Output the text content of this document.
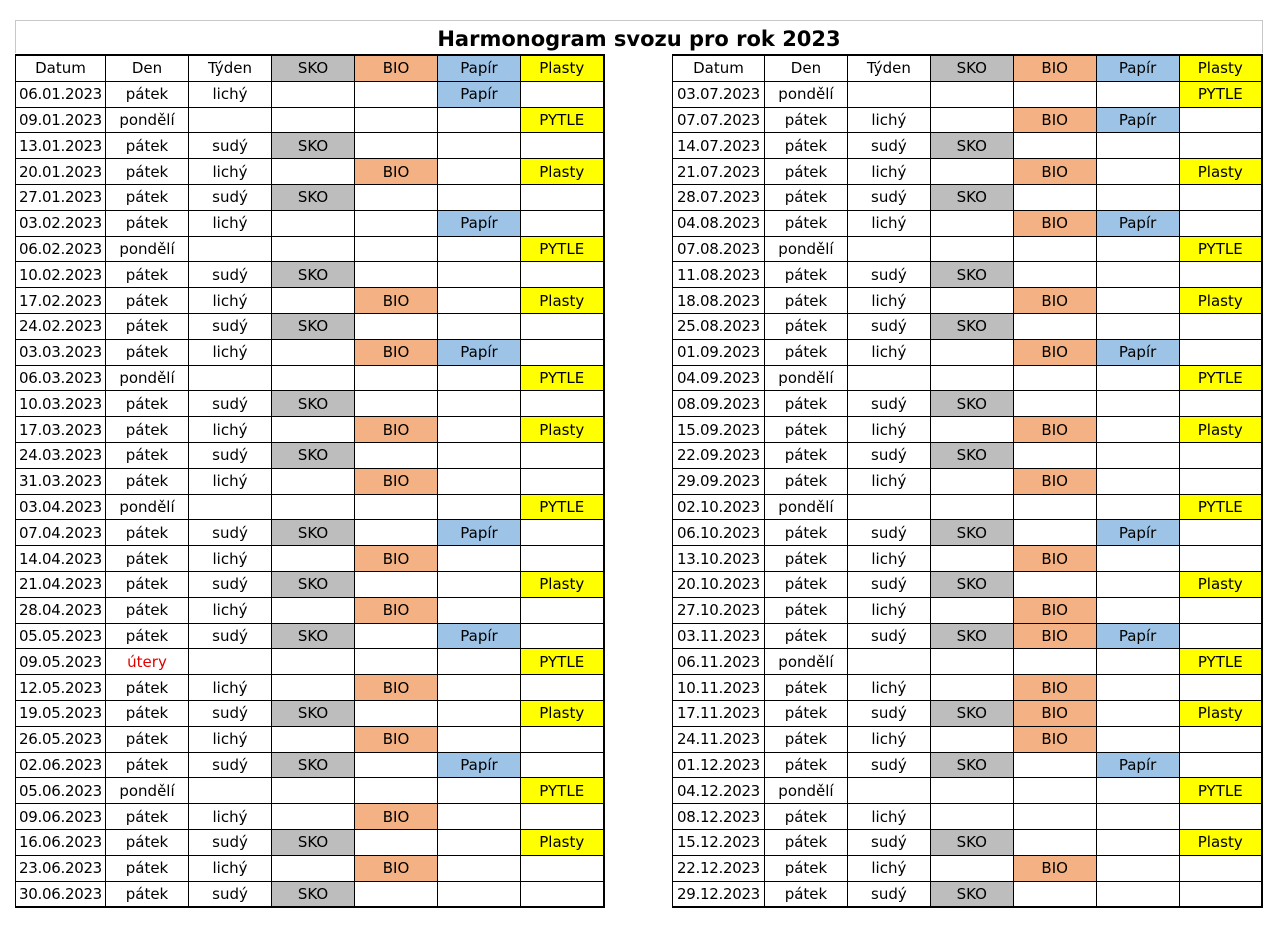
Harmonogram svozu pro rok 2023
Datum	Den	Týden	SKO	BIO	Papír	Plasty
06.01.2023	pátek	lichý			Papír	
09.01.2023	pondělí					PYTLE
13.01.2023	pátek	sudý	SKO			
20.01.2023	pátek	lichý		BIO		Plasty
27.01.2023	pátek	sudý	SKO			
03.02.2023	pátek	lichý			Papír	
06.02.2023	pondělí					PYTLE
10.02.2023	pátek	sudý	SKO			
17.02.2023	pátek	lichý		BIO		Plasty
24.02.2023	pátek	sudý	SKO			
03.03.2023	pátek	lichý		BIO	Papír	
06.03.2023	pondělí					PYTLE
10.03.2023	pátek	sudý	SKO			
17.03.2023	pátek	lichý		BIO		Plasty
24.03.2023	pátek	sudý	SKO			
31.03.2023	pátek	lichý		BIO		
03.04.2023	pondělí					PYTLE
07.04.2023	pátek	sudý	SKO		Papír	
14.04.2023	pátek	lichý		BIO		
21.04.2023	pátek	sudý	SKO			Plasty
28.04.2023	pátek	lichý		BIO		
05.05.2023	pátek	sudý	SKO		Papír	
09.05.2023	útery					PYTLE
12.05.2023	pátek	lichý		BIO		
19.05.2023	pátek	sudý	SKO			Plasty
26.05.2023	pátek	lichý		BIO		
02.06.2023	pátek	sudý	SKO		Papír	
05.06.2023	pondělí					PYTLE
09.06.2023	pátek	lichý		BIO		
16.06.2023	pátek	sudý	SKO			Plasty
23.06.2023	pátek	lichý		BIO		
30.06.2023	pátek	sudý	SKO			
Datum	Den	Týden	SKO	BIO	Papír	Plasty
03.07.2023	pondělí					PYTLE
07.07.2023	pátek	lichý		BIO	Papír	
14.07.2023	pátek	sudý	SKO			
21.07.2023	pátek	lichý		BIO		Plasty
28.07.2023	pátek	sudý	SKO			
04.08.2023	pátek	lichý		BIO	Papír	
07.08.2023	pondělí					PYTLE
11.08.2023	pátek	sudý	SKO			
18.08.2023	pátek	lichý		BIO		Plasty
25.08.2023	pátek	sudý	SKO			
01.09.2023	pátek	lichý		BIO	Papír	
04.09.2023	pondělí					PYTLE
08.09.2023	pátek	sudý	SKO			
15.09.2023	pátek	lichý		BIO		Plasty
22.09.2023	pátek	sudý	SKO			
29.09.2023	pátek	lichý		BIO		
02.10.2023	pondělí					PYTLE
06.10.2023	pátek	sudý	SKO		Papír	
13.10.2023	pátek	lichý		BIO		
20.10.2023	pátek	sudý	SKO			Plasty
27.10.2023	pátek	lichý		BIO		
03.11.2023	pátek	sudý	SKO	BIO	Papír	
06.11.2023	pondělí					PYTLE
10.11.2023	pátek	lichý		BIO		
17.11.2023	pátek	sudý	SKO	BIO		Plasty
24.11.2023	pátek	lichý		BIO		
01.12.2023	pátek	sudý	SKO		Papír	
04.12.2023	pondělí					PYTLE
08.12.2023	pátek	lichý				
15.12.2023	pátek	sudý	SKO			Plasty
22.12.2023	pátek	lichý		BIO		
29.12.2023	pátek	sudý	SKO			
